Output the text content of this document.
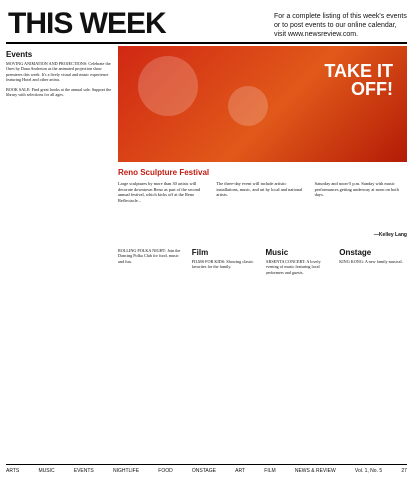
THIS WEEK	For a complete listing of this week's events or to post events to our online calendar, visit www.newsreview.com.
Events

MOVING ANIMATION AND PROJECTIONS: Celebrate the Ones by Dana Anderson as the animated projection show premieres this week. It's a lively visual and music experience featuring Hotel and other artists.

BOOK SALE: Find great books at the annual sale. Support the library with selections for all ages.

TAKE IT OFF!
Reno Sculpture Festival

Large sculptures by more than 30 artists will decorate downtown Reno as part of the second annual festival, which kicks off at the Reno Reflectacle...

The three-day event will include artistic installations, music, and art by local and national artists.

Saturday and noon-5 p.m. Sunday with music performances getting underway at noon on both days.

—Kelley Lang

ROLLING POLKA NIGHT: Join the Dancing Polka Club for food, music and fun.

Film

FILMS FOR KIDS: Showing classic favorites for the family.

Music

ARSENTA CONCERT: A lovely evening of music featuring local performers and guests.

Onstage

KING KONG: A new family musical.

ARTS	MUSIC	EVENTS	NIGHTLIFE	FOOD	ONSTAGE	ART	FILM	NEWS & REVIEW	Vol. 1, No. 5	27
